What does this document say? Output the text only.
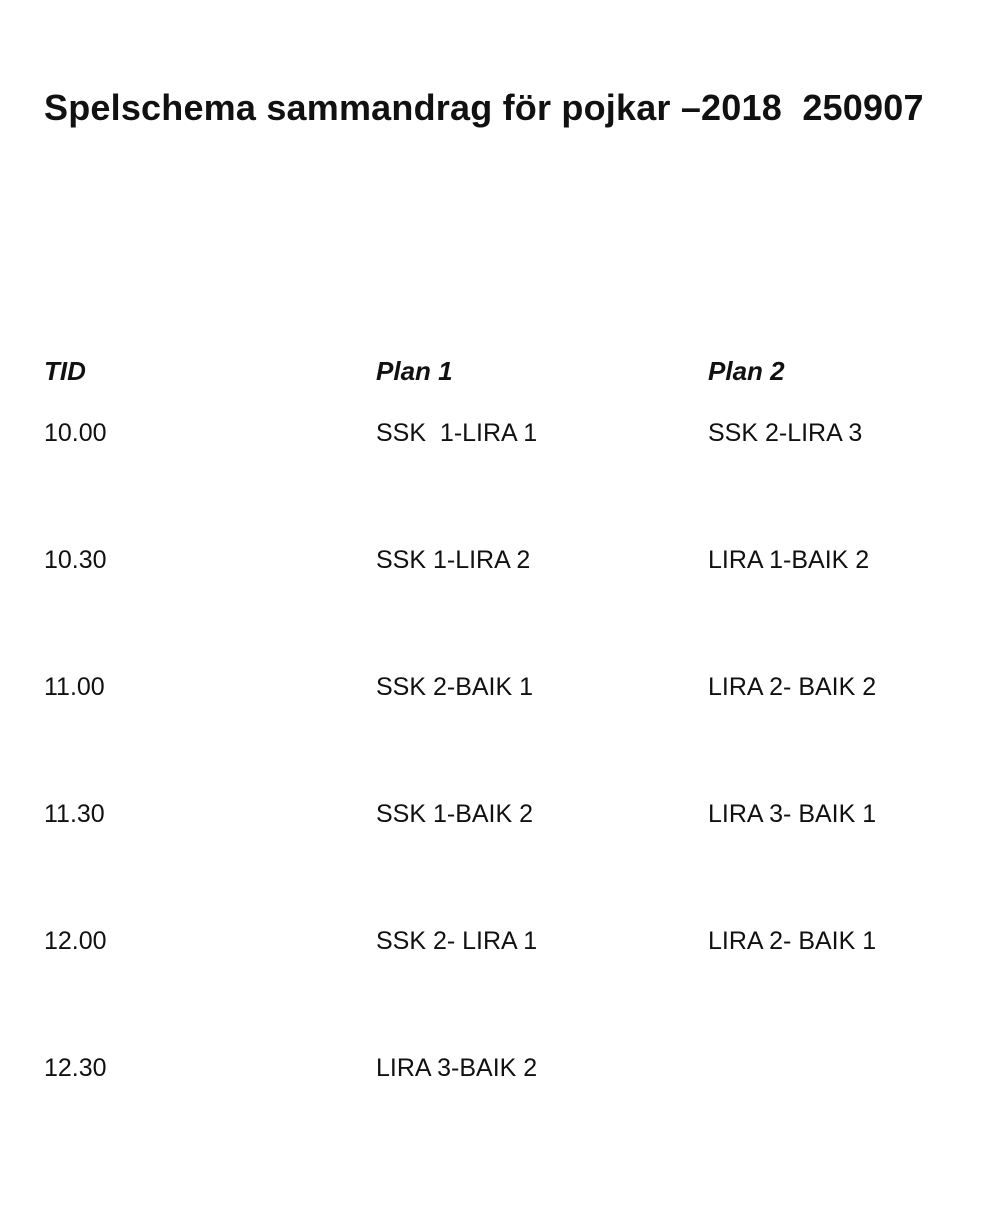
Spelschema sammandrag för pojkar –2018  250907
TID	Plan 1	Plan 2
10.00	SSK  1-LIRA 1	SSK 2-LIRA 3
10.30	SSK 1-LIRA 2	LIRA 1-BAIK 2
11.00	SSK 2-BAIK 1	LIRA 2- BAIK 2
11.30	SSK 1-BAIK 2	LIRA 3- BAIK 1
12.00	SSK 2- LIRA 1	LIRA 2- BAIK 1
12.30	LIRA 3-BAIK 2
